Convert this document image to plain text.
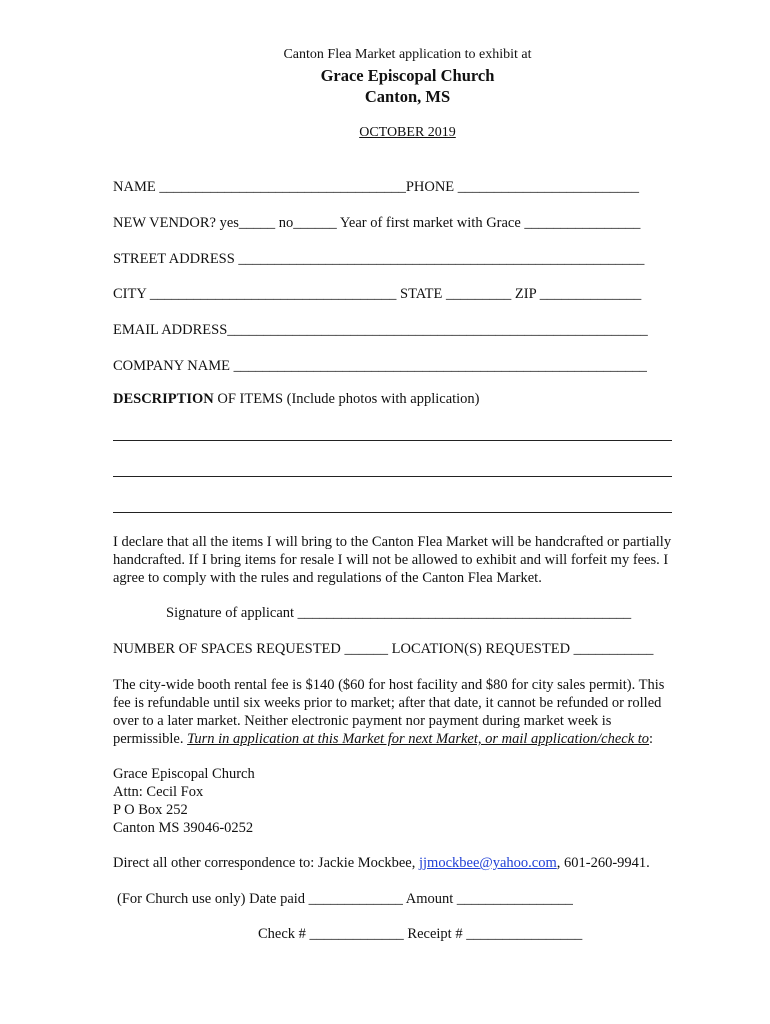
Canton Flea Market application to exhibit at
Grace Episcopal Church
Canton, MS
OCTOBER 2019
NAME __________________________________PHONE _________________________
NEW VENDOR? yes_____ no______ Year of first market with Grace ________________
STREET ADDRESS ________________________________________________________
CITY __________________________________ STATE _________ ZIP ______________
EMAIL ADDRESS__________________________________________________________
COMPANY NAME _________________________________________________________
DESCRIPTION OF ITEMS (Include photos with application)
I declare that all the items I will bring to the Canton Flea Market will be handcrafted or partially
handcrafted. If I bring items for resale I will not be allowed to exhibit and will forfeit my fees. I
agree to comply with the rules and regulations of the Canton Flea Market.
Signature of applicant ______________________________________________
NUMBER OF SPACES REQUESTED ______ LOCATION(S) REQUESTED ___________
The city-wide booth rental fee is $140 ($60 for host facility and $80 for city sales permit). This
fee is refundable until six weeks prior to market; after that date, it cannot be refunded or rolled
over to a later market. Neither electronic payment nor payment during market week is
permissible. Turn in application at this Market for next Market, or mail application/check to:
Grace Episcopal Church
Attn: Cecil Fox
P O Box 252
Canton MS 39046-0252
Direct all other correspondence to: Jackie Mockbee, jjmockbee@yahoo.com, 601-260-9941.
(For Church use only) Date paid _____________ Amount ________________
Check # _____________ Receipt # ________________
